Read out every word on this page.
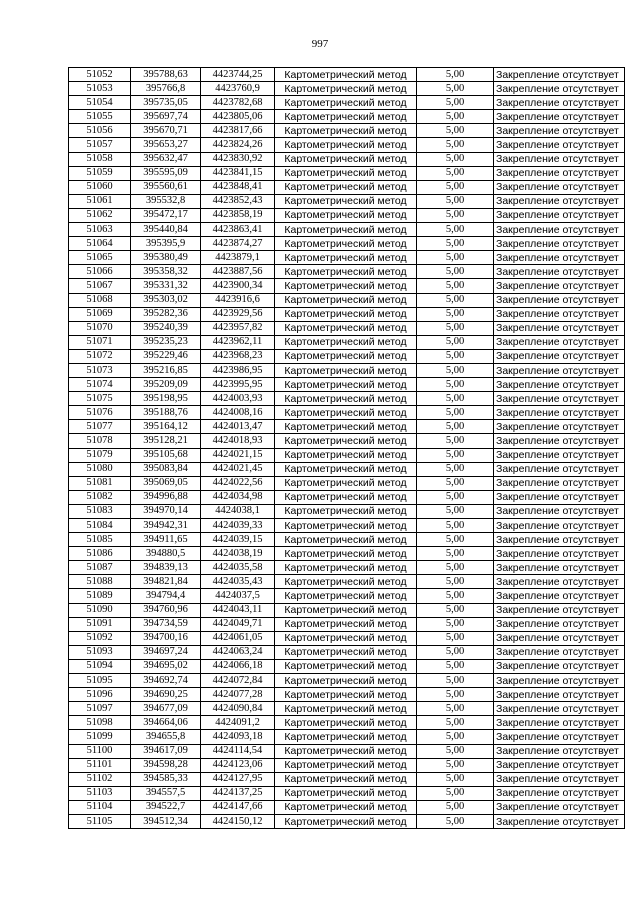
997
51052	395788,63	4423744,25	Картометрический метод	5,00	Закрепление отсутствует
51053	395766,8	4423760,9	Картометрический метод	5,00	Закрепление отсутствует
51054	395735,05	4423782,68	Картометрический метод	5,00	Закрепление отсутствует
51055	395697,74	4423805,06	Картометрический метод	5,00	Закрепление отсутствует
51056	395670,71	4423817,66	Картометрический метод	5,00	Закрепление отсутствует
51057	395653,27	4423824,26	Картометрический метод	5,00	Закрепление отсутствует
51058	395632,47	4423830,92	Картометрический метод	5,00	Закрепление отсутствует
51059	395595,09	4423841,15	Картометрический метод	5,00	Закрепление отсутствует
51060	395560,61	4423848,41	Картометрический метод	5,00	Закрепление отсутствует
51061	395532,8	4423852,43	Картометрический метод	5,00	Закрепление отсутствует
51062	395472,17	4423858,19	Картометрический метод	5,00	Закрепление отсутствует
51063	395440,84	4423863,41	Картометрический метод	5,00	Закрепление отсутствует
51064	395395,9	4423874,27	Картометрический метод	5,00	Закрепление отсутствует
51065	395380,49	4423879,1	Картометрический метод	5,00	Закрепление отсутствует
51066	395358,32	4423887,56	Картометрический метод	5,00	Закрепление отсутствует
51067	395331,32	4423900,34	Картометрический метод	5,00	Закрепление отсутствует
51068	395303,02	4423916,6	Картометрический метод	5,00	Закрепление отсутствует
51069	395282,36	4423929,56	Картометрический метод	5,00	Закрепление отсутствует
51070	395240,39	4423957,82	Картометрический метод	5,00	Закрепление отсутствует
51071	395235,23	4423962,11	Картометрический метод	5,00	Закрепление отсутствует
51072	395229,46	4423968,23	Картометрический метод	5,00	Закрепление отсутствует
51073	395216,85	4423986,95	Картометрический метод	5,00	Закрепление отсутствует
51074	395209,09	4423995,95	Картометрический метод	5,00	Закрепление отсутствует
51075	395198,95	4424003,93	Картометрический метод	5,00	Закрепление отсутствует
51076	395188,76	4424008,16	Картометрический метод	5,00	Закрепление отсутствует
51077	395164,12	4424013,47	Картометрический метод	5,00	Закрепление отсутствует
51078	395128,21	4424018,93	Картометрический метод	5,00	Закрепление отсутствует
51079	395105,68	4424021,15	Картометрический метод	5,00	Закрепление отсутствует
51080	395083,84	4424021,45	Картометрический метод	5,00	Закрепление отсутствует
51081	395069,05	4424022,56	Картометрический метод	5,00	Закрепление отсутствует
51082	394996,88	4424034,98	Картометрический метод	5,00	Закрепление отсутствует
51083	394970,14	4424038,1	Картометрический метод	5,00	Закрепление отсутствует
51084	394942,31	4424039,33	Картометрический метод	5,00	Закрепление отсутствует
51085	394911,65	4424039,15	Картометрический метод	5,00	Закрепление отсутствует
51086	394880,5	4424038,19	Картометрический метод	5,00	Закрепление отсутствует
51087	394839,13	4424035,58	Картометрический метод	5,00	Закрепление отсутствует
51088	394821,84	4424035,43	Картометрический метод	5,00	Закрепление отсутствует
51089	394794,4	4424037,5	Картометрический метод	5,00	Закрепление отсутствует
51090	394760,96	4424043,11	Картометрический метод	5,00	Закрепление отсутствует
51091	394734,59	4424049,71	Картометрический метод	5,00	Закрепление отсутствует
51092	394700,16	4424061,05	Картометрический метод	5,00	Закрепление отсутствует
51093	394697,24	4424063,24	Картометрический метод	5,00	Закрепление отсутствует
51094	394695,02	4424066,18	Картометрический метод	5,00	Закрепление отсутствует
51095	394692,74	4424072,84	Картометрический метод	5,00	Закрепление отсутствует
51096	394690,25	4424077,28	Картометрический метод	5,00	Закрепление отсутствует
51097	394677,09	4424090,84	Картометрический метод	5,00	Закрепление отсутствует
51098	394664,06	4424091,2	Картометрический метод	5,00	Закрепление отсутствует
51099	394655,8	4424093,18	Картометрический метод	5,00	Закрепление отсутствует
51100	394617,09	4424114,54	Картометрический метод	5,00	Закрепление отсутствует
51101	394598,28	4424123,06	Картометрический метод	5,00	Закрепление отсутствует
51102	394585,33	4424127,95	Картометрический метод	5,00	Закрепление отсутствует
51103	394557,5	4424137,25	Картометрический метод	5,00	Закрепление отсутствует
51104	394522,7	4424147,66	Картометрический метод	5,00	Закрепление отсутствует
51105	394512,34	4424150,12	Картометрический метод	5,00	Закрепление отсутствует
